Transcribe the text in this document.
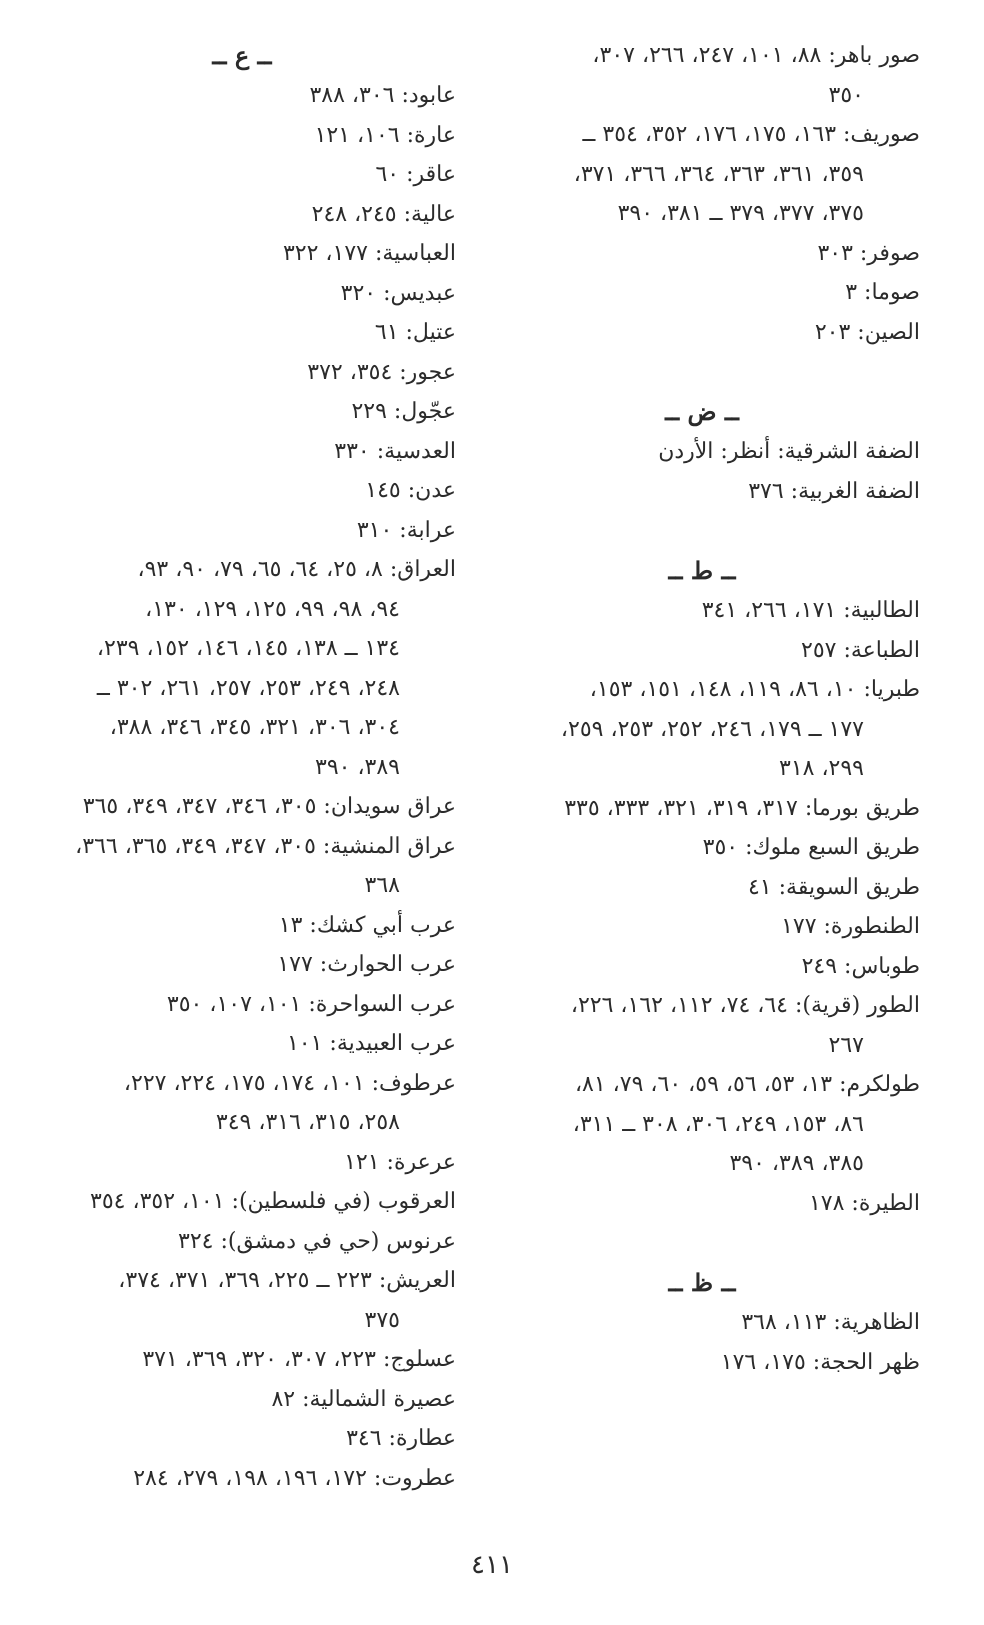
صور باهر: ٨٨، ١٠١، ٢٤٧، ٢٦٦، ٣٠٧،
٣٥٠
صوريف: ١٦٣، ١٧٥، ١٧٦، ٣٥٢، ٣٥٤ ــ
٣٥٩، ٣٦١، ٣٦٣، ٣٦٤، ٣٦٦، ٣٧١،
٣٧٥، ٣٧٧، ٣٧٩ ــ ٣٨١، ٣٩٠
صوفر: ٣٠٣
صوما: ٣
الصين: ٢٠٣
ــ ض ــ
الضفة الشرقية: أنظر: الأردن
الضفة الغربية: ٣٧٦
ــ ط ــ
الطالبية: ١٧١، ٢٦٦، ٣٤١
الطباعة: ٢٥٧
طبريا: ١٠، ٨٦، ١١٩، ١٤٨، ١٥١، ١٥٣،
١٧٧ ــ ١٧٩، ٢٤٦، ٢٥٢، ٢٥٣، ٢٥٩،
٢٩٩، ٣١٨
طريق بورما: ٣١٧، ٣١٩، ٣٢١، ٣٣٣، ٣٣٥
طريق السبع ملوك: ٣٥٠
طريق السويقة: ٤١
الطنطورة: ١٧٧
طوباس: ٢٤٩
الطور (قرية): ٦٤، ٧٤، ١١٢، ١٦٢، ٢٢٦،
٢٦٧
طولكرم: ١٣، ٥٣، ٥٦، ٥٩، ٦٠، ٧٩، ٨١،
٨٦، ١٥٣، ٢٤٩، ٣٠٦، ٣٠٨ ــ ٣١١،
٣٨٥، ٣٨٩، ٣٩٠
الطيرة: ١٧٨
ــ ظ ــ
الظاهرية: ١١٣، ٣٦٨
ظهر الحجة: ١٧٥، ١٧٦
ــ ع ــ
عابود: ٣٠٦، ٣٨٨
عارة: ١٠٦، ١٢١
عاقر: ٦٠
عالية: ٢٤٥، ٢٤٨
العباسية: ١٧٧، ٣٢٢
عبديس: ٣٢٠
عتيل: ٦١
عجور: ٣٥٤، ٣٧٢
عجّول: ٢٢٩
العدسية: ٣٣٠
عدن: ١٤٥
عرابة: ٣١٠
العراق: ٨، ٢٥، ٦٤، ٦٥، ٧٩، ٩٠، ٩٣،
٩٤، ٩٨، ٩٩، ١٢٥، ١٢٩، ١٣٠،
١٣٤ ــ ١٣٨، ١٤٥، ١٤٦، ١٥٢، ٢٣٩،
٢٤٨، ٢٤٩، ٢٥٣، ٢٥٧، ٢٦١، ٣٠٢ ــ
٣٠٤، ٣٠٦، ٣٢١، ٣٤٥، ٣٤٦، ٣٨٨،
٣٨٩، ٣٩٠
عراق سويدان: ٣٠٥، ٣٤٦، ٣٤٧، ٣٤٩، ٣٦٥
عراق المنشية: ٣٠٥، ٣٤٧، ٣٤٩، ٣٦٥، ٣٦٦،
٣٦٨
عرب أبي كشك: ١٣
عرب الحوارث: ١٧٧
عرب السواحرة: ١٠١، ١٠٧، ٣٥٠
عرب العبيدية: ١٠١
عرطوف: ١٠١، ١٧٤، ١٧٥، ٢٢٤، ٢٢٧،
٢٥٨، ٣١٥، ٣١٦، ٣٤٩
عرعرة: ١٢١
العرقوب (في فلسطين): ١٠١، ٣٥٢، ٣٥٤
عرنوس (حي في دمشق): ٣٢٤
العريش: ٢٢٣ ــ ٢٢٥، ٣٦٩، ٣٧١، ٣٧٤،
٣٧٥
عسلوج: ٢٢٣، ٣٠٧، ٣٢٠، ٣٦٩، ٣٧١
عصيرة الشمالية: ٨٢
عطارة: ٣٤٦
عطروت: ١٧٢، ١٩٦، ١٩٨، ٢٧٩، ٢٨٤
٤١١
